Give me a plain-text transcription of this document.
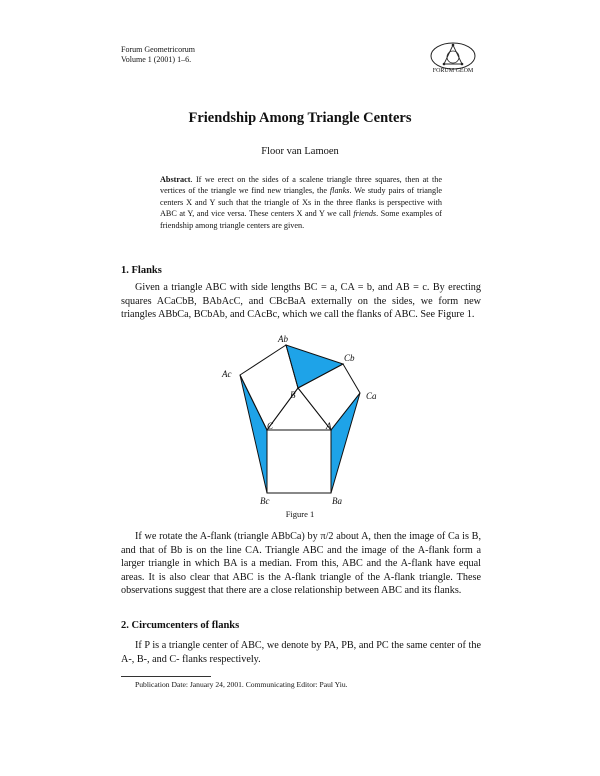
Forum Geometricorum
Volume 1 (2001) 1–6.
FORUM GEOM
Friendship Among Triangle Centers
Floor van Lamoen
Abstract. If we erect on the sides of a scalene triangle three squares, then at the vertices of the triangle we find new triangles, the flanks. We study pairs of triangle centers X and Y such that the triangle of Xs in the three flanks is perspective with ABC at Y, and vice versa. These centers X and Y we call friends. Some examples of friendship among triangle centers are given.
1. Flanks

Given a triangle ABC with side lengths BC = a, CA = b, and AB = c. By erecting squares ACaCbB, BAbAcC, and CBcBaA externally on the sides, we form new triangles ABbCa, BCbAb, and CAcBc, which we call the flanks of ABC. See Figure 1.

Ab
Cb
Ac
Ca
B
C	A
Bc	Ba
Figure 1

If we rotate the A-flank (triangle ABbCa) by π/2 about A, then the image of Ca is B, and that of Bb is on the line CA. Triangle ABC and the image of the A-flank form a larger triangle in which BA is a median. From this, ABC and the A-flank have equal areas. It is also clear that ABC is the A-flank triangle of the A-flank triangle. These observations suggest that there are a close relationship between ABC and its flanks.

2. Circumcenters of flanks

If P is a triangle center of ABC, we denote by PA, PB, and PC the same center of the A-, B-, and C- flanks respectively.

Publication Date: January 24, 2001. Communicating Editor: Paul Yiu.
